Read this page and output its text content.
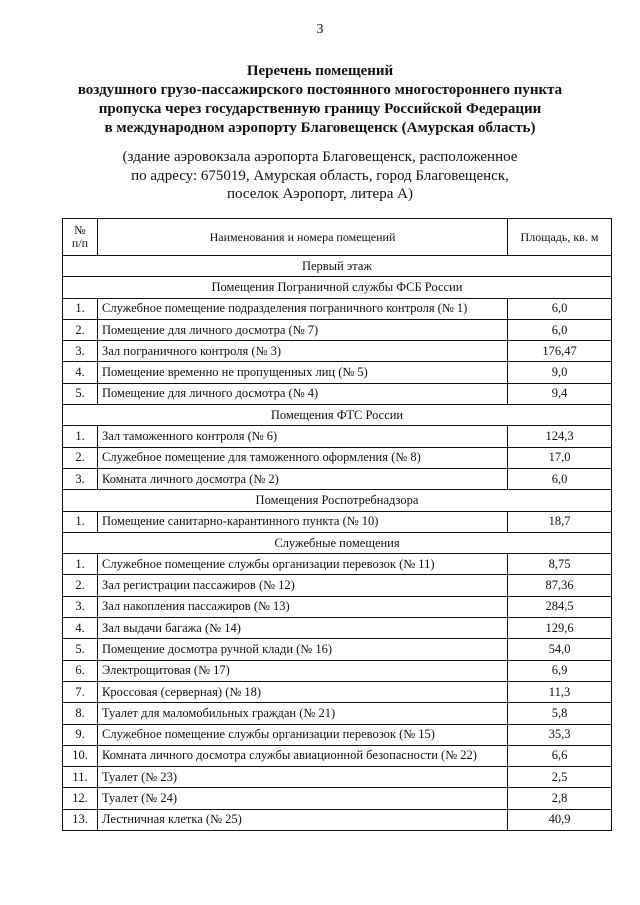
3
Перечень помещений
воздушного грузо-пассажирского постоянного многостороннего пункта
пропуска через государственную границу Российской Федерации
в международном аэропорту Благовещенск (Амурская область)
(здание аэровокзала аэропорта Благовещенск, расположенное
по адресу: 675019, Амурская область, город Благовещенск,
поселок Аэропорт, литера А)
№
п/п	Наименования и номера помещений	Площадь, кв. м
Первый этаж		
Помещения Пограничной службы ФСБ России		
1.	Служебное помещение подразделения пограничного контроля (№ 1)	6,0
2.	Помещение для личного досмотра (№ 7)	6,0
3.	Зал пограничного контроля (№ 3)	176,47
4.	Помещение временно не пропущенных лиц (№ 5)	9,0
5.	Помещение для личного досмотра (№ 4)	9,4
Помещения ФТС России		
1.	Зал таможенного контроля (№ 6)	124,3
2.	Служебное помещение для таможенного оформления (№ 8)	17,0
3.	Комната личного досмотра (№ 2)	6,0
Помещения Роспотребнадзора		
1.	Помещение санитарно-карантинного пункта (№ 10)	18,7
Служебные помещения		
1.	Служебное помещение службы организации перевозок (№ 11)	8,75
2.	Зал регистрации пассажиров (№ 12)	87,36
3.	Зал накопления пассажиров (№ 13)	284,5
4.	Зал выдачи багажа (№ 14)	129,6
5.	Помещение досмотра ручной клади (№ 16)	54,0
6.	Электрощитовая (№ 17)	6,9
7.	Кроссовая (серверная) (№ 18)	11,3
8.	Туалет для маломобильных граждан (№ 21)	5,8
9.	Служебное помещение службы организации перевозок (№ 15)	35,3
10.	Комната личного досмотра службы авиационной безопасности (№ 22)	6,6
11.	Туалет (№ 23)	2,5
12.	Туалет (№ 24)	2,8
13.	Лестничная клетка (№ 25)	40,9
